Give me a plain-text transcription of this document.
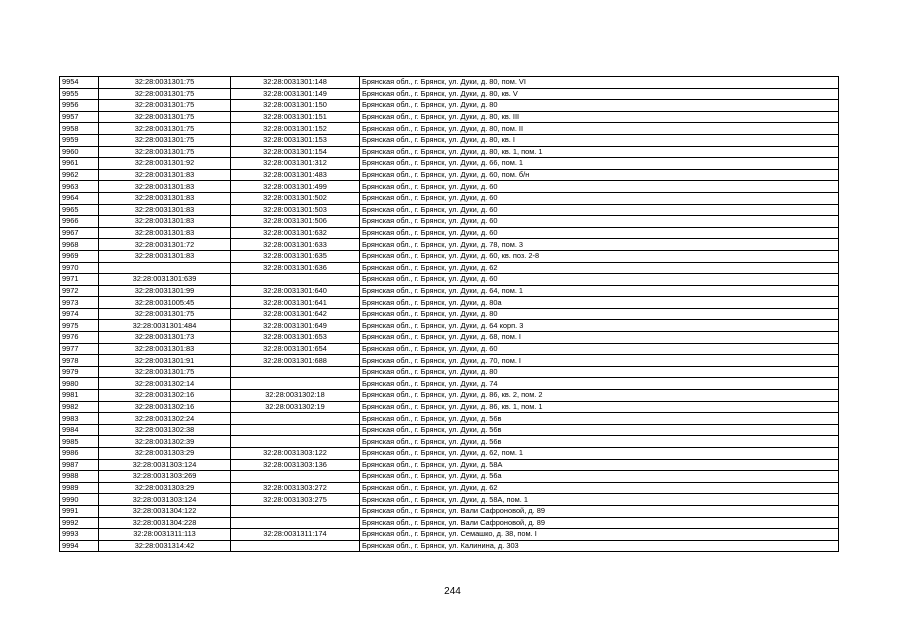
9954	32:28:0031301:75	32:28:0031301:148	Брянская обл., г. Брянск, ул. Дуки, д. 80, пом. VI
9955	32:28:0031301:75	32:28:0031301:149	Брянская обл., г. Брянск, ул. Дуки, д. 80, кв. V
9956	32:28:0031301:75	32:28:0031301:150	Брянская обл., г. Брянск, ул. Дуки, д. 80
9957	32:28:0031301:75	32:28:0031301:151	Брянская обл., г. Брянск, ул. Дуки, д. 80, кв. III
9958	32:28:0031301:75	32:28:0031301:152	Брянская обл., г. Брянск, ул. Дуки, д. 80, пом. II
9959	32:28:0031301:75	32:28:0031301:153	Брянская обл., г. Брянск, ул. Дуки, д. 80, кв. I
9960	32:28:0031301:75	32:28:0031301:154	Брянская обл., г. Брянск, ул. Дуки, д. 80, кв. 1, пом. 1
9961	32:28:0031301:92	32:28:0031301:312	Брянская обл., г. Брянск, ул. Дуки, д. 66, пом. 1
9962	32:28:0031301:83	32:28:0031301:483	Брянская обл., г. Брянск, ул. Дуки, д. 60, пом. б/н
9963	32:28:0031301:83	32:28:0031301:499	Брянская обл., г. Брянск, ул. Дуки, д. 60
9964	32:28:0031301:83	32:28:0031301:502	Брянская обл., г. Брянск, ул. Дуки, д. 60
9965	32:28:0031301:83	32:28:0031301:503	Брянская обл., г. Брянск, ул. Дуки, д. 60
9966	32:28:0031301:83	32:28:0031301:506	Брянская обл., г. Брянск, ул. Дуки, д. 60
9967	32:28:0031301:83	32:28:0031301:632	Брянская обл., г. Брянск, ул. Дуки, д. 60
9968	32:28:0031301:72	32:28:0031301:633	Брянская обл., г. Брянск, ул. Дуки, д. 78, пом. 3
9969	32:28:0031301:83	32:28:0031301:635	Брянская обл., г. Брянск, ул. Дуки, д. 60, кв. поз. 2-8
9970		32:28:0031301:636	Брянская обл., г. Брянск, ул. Дуки, д. 62
9971	32:28:0031301:639		Брянская обл., г. Брянск, ул. Дуки, д. 60
9972	32:28:0031301:99	32:28:0031301:640	Брянская обл., г. Брянск, ул. Дуки, д. 64, пом. 1
9973	32:28:0031005:45	32:28:0031301:641	Брянская обл., г. Брянск, ул. Дуки, д. 80а
9974	32:28:0031301:75	32:28:0031301:642	Брянская обл., г. Брянск, ул. Дуки, д. 80
9975	32:28:0031301:484	32:28:0031301:649	Брянская обл., г. Брянск, ул. Дуки, д. 64 корп. 3
9976	32:28:0031301:73	32:28:0031301:653	Брянская обл., г. Брянск, ул. Дуки, д. 68, пом. I
9977	32:28:0031301:83	32:28:0031301:654	Брянская обл., г. Брянск, ул. Дуки, д. 60
9978	32:28:0031301:91	32:28:0031301:688	Брянская обл., г. Брянск, ул. Дуки, д. 70, пом. I
9979	32:28:0031301:75		Брянская обл., г. Брянск, ул. Дуки, д. 80
9980	32:28:0031302:14		Брянская обл., г. Брянск, ул. Дуки, д. 74
9981	32:28:0031302:16	32:28:0031302:18	Брянская обл., г. Брянск, ул. Дуки, д. 86, кв. 2, пом. 2
9982	32:28:0031302:16	32:28:0031302:19	Брянская обл., г. Брянск, ул. Дуки, д. 86, кв. 1, пом. 1
9983	32:28:0031302:24		Брянская обл., г. Брянск, ул. Дуки, д. 56в
9984	32:28:0031302:38		Брянская обл., г. Брянск, ул. Дуки, д. 56в
9985	32:28:0031302:39		Брянская обл., г. Брянск, ул. Дуки, д. 56в
9986	32:28:0031303:29	32:28:0031303:122	Брянская обл., г. Брянск, ул. Дуки, д. 62, пом. 1
9987	32:28:0031303:124	32:28:0031303:136	Брянская обл., г. Брянск, ул. Дуки, д. 58А
9988	32:28:0031303:269		Брянская обл., г. Брянск, ул. Дуки, д. 56а
9989	32:28:0031303:29	32:28:0031303:272	Брянская обл., г. Брянск, ул. Дуки, д. 62
9990	32:28:0031303:124	32:28:0031303:275	Брянская обл., г. Брянск, ул. Дуки, д. 58А, пом. 1
9991	32:28:0031304:122		Брянская обл., г. Брянск, ул. Вали Сафроновой, д. 89
9992	32:28:0031304:228		Брянская обл., г. Брянск, ул. Вали Сафроновой, д. 89
9993	32:28:0031311:113	32:28:0031311:174	Брянская обл., г. Брянск, ул. Семашко, д. 38, пом. I
9994	32:28:0031314:42		Брянская обл., г. Брянск, ул. Калинина, д. 303
244
